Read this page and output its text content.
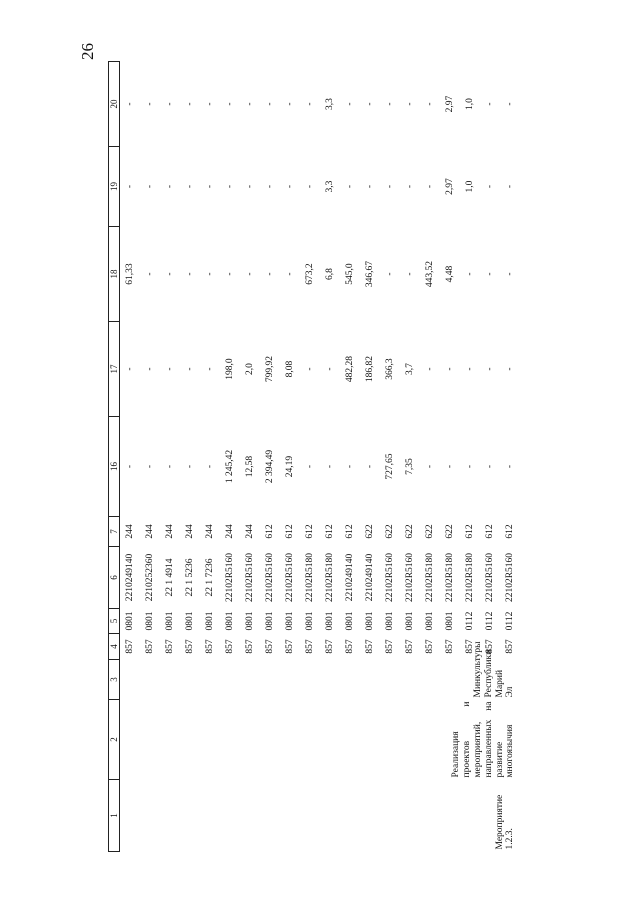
26
1	2	3	4	5	6	7	16	17	18	19	20
Мероприятие 1.2.3.	Реализация проектов и мероприятий, направленных на развитие многоязычия	Минкультуры Республики Марий Эл	857	0801	2210249140	244	-	-	61,33	-	-
			857	0801	2210252360	244	-	-	-	-	-
			857	0801	22 1 4914	244	-	-	-	-	-
			857	0801	22 1 5236	244	-	-	-	-	-
			857	0801	22 1 7236	244	-	-	-	-	-
			857	0801	22102R5160	244	1 245,42	198,0	-	-	-
			857	0801	22102R5160	244	12,58	2,0	-	-	-
			857	0801	22102R5160	612	2 394,49	799,92	-	-	-
			857	0801	22102R5160	612	24,19	8,08	-	-	-
			857	0801	22102R5180	612	-	-	673,2	-	-
			857	0801	22102R5180	612	-	-	6,8	3,3	3,3
			857	0801	2210249140	612	-	482,28	545,0	-	-
			857	0801	2210249140	622	-	186,82	346,67	-	-
			857	0801	22102R5160	622	727,65	366,3	-	-	-
			857	0801	22102R5160	622	7,35	3,7	-	-	-
			857	0801	22102R5180	622	-	-	443,52	-	-
			857	0801	22102R5180	622	-	-	4,48	2,97	2,97
			857	0112	22102R5180	612	-	-	-	1,0	1,0
			857	0112	22102R5160	612	-	-	-	-	-
			857	0112	22102R5160	612	-	-	-	-	-
